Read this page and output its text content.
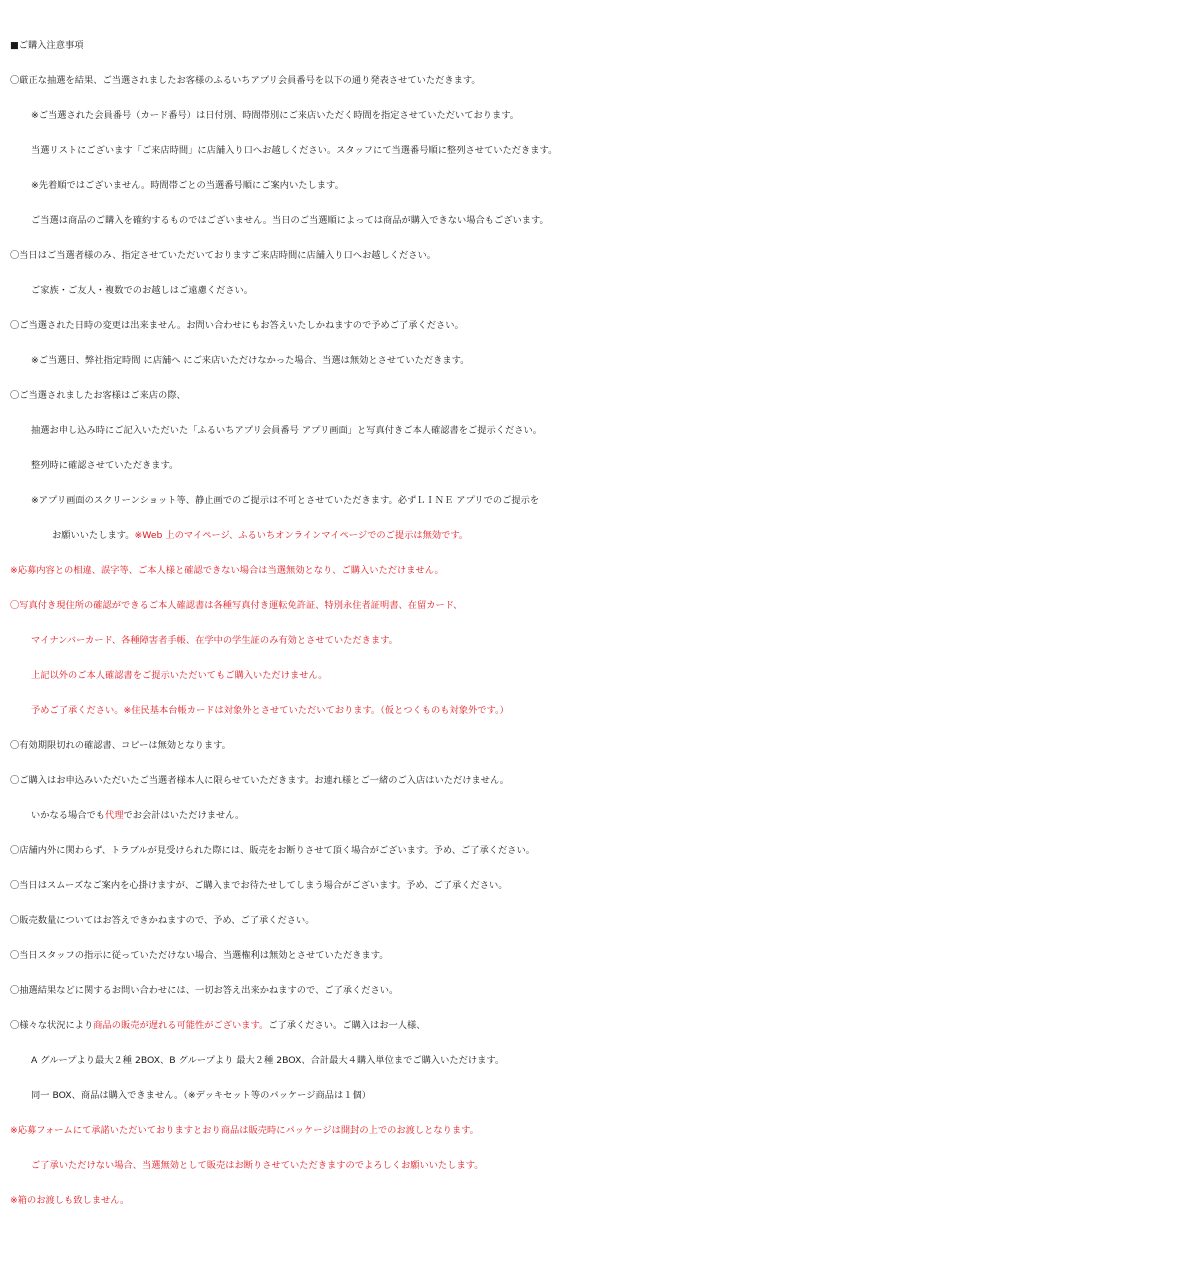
■ご購入注意事項
〇厳正な抽選を結果、ご当選されましたお客様のふるいちアプリ会員番号を以下の通り発表させていただきます。
※ご当選された会員番号（カード番号）は日付別、時間帯別にご来店いただく時間を指定させていただいております。
当選リストにございます「ご来店時間」に店舗入り口へお越しください。スタッフにて当選番号順に整列させていただきます。
※先着順ではございません。時間帯ごとの当選番号順にご案内いたします。
ご当選は商品のご購入を確約するものではございません。当日のご当選順によっては商品が購入できない場合もございます。
〇当日はご当選者様のみ、指定させていただいておりますご来店時間に店舗入り口へお越しください。
ご家族・ご友人・複数でのお越しはご遠慮ください。
〇ご当選された日時の変更は出来ません。お問い合わせにもお答えいたしかねますので予めご了承ください。
※ご当選日、弊社指定時間 に店舗へ にご来店いただけなかった場合、当選は無効とさせていただきます。
〇ご当選されましたお客様はご来店の際、
抽選お申し込み時にご記入いただいた「ふるいちアプリ会員番号 アプリ画面」と写真付きご本人確認書をご提示ください。
整列時に確認させていただきます。
※アプリ画面のスクリーンショット等、静止画でのご提示は不可とさせていただきます。必ずＬＩＮＥ アプリでのご提示を
お願いいたします。※Web 上のマイページ、ふるいちオンラインマイページでのご提示は無効です。
※応募内容との相違、誤字等、ご本人様と確認できない場合は当選無効となり、ご購入いただけません。
〇写真付き現住所の確認ができるご本人確認書は各種写真付き運転免許証、特別永住者証明書、在留カード、
マイナンバーカード、各種障害者手帳、在学中の学生証のみ有効とさせていただきます。
上記以外のご本人確認書をご提示いただいてもご購入いただけません。
予めご了承ください。※住民基本台帳カードは対象外とさせていただいております。（仮とつくものも対象外です。）
〇有効期限切れの確認書、コピーは無効となります。
〇ご購入はお申込みいただいたご当選者様本人に限らせていただきます。お連れ様とご一緒のご入店はいただけません。
いかなる場合でも代理でお会計はいただけません。
〇店舗内外に関わらず、トラブルが見受けられた際には、販売をお断りさせて頂く場合がございます。予め、ご了承ください。
〇当日はスムーズなご案内を心掛けますが、ご購入までお待たせしてしまう場合がございます。予め、ご了承ください。
〇販売数量についてはお答えできかねますので、予め、ご了承ください。
〇当日スタッフの指示に従っていただけない場合、当選権利は無効とさせていただきます。
〇抽選結果などに関するお問い合わせには、一切お答え出来かねますので、ご了承ください。
〇様々な状況により商品の販売が遅れる可能性がございます。ご了承ください。ご購入はお一人様、
A グループより最大２種 2BOX、B グループより 最大２種 2BOX、合計最大４購入単位までご購入いただけます。
同一 BOX、商品は購入できません。（※デッキセット等のパッケージ商品は１個）
※応募フォームにて承諾いただいておりますとおり商品は販売時にパッケージは開封の上でのお渡しとなります。
ご了承いただけない場合、当選無効として販売はお断りさせていただきますのでよろしくお願いいたします。
※箱のお渡しも致しません。
